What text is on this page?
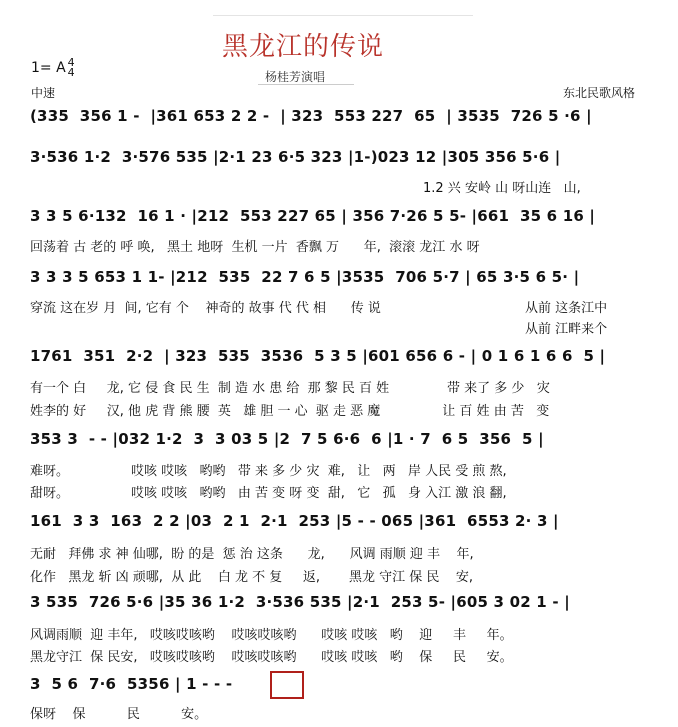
黑龙江的传说
杨桂芳演唱
1= A 4
4
中速	东北民歌风格
(335  356 1 -  |361 653 2 2 -  | 323  553 227  65  | 3535  726 5 ·6 |
3·536 1·2  3·576 535 |2·1 23 6·5 323 |1-)023 12 |305 356 5·6 |
1.2 兴 安岭 山 呀山连   山,
3 3 5 6·132  16 1 · |212  553 227 65 | 356 7·26 5 5- |661  35 6 16 |
回荡着 古 老的 呼 唤,   黑土 地呀  生机 一片  香飘 万      年,  滚滚 龙江 水 呀
3 3 3 5 653 1 1- |212  535  22 7 6 5 |3535  706 5·7 | 65 3·5 6 5· |
穿流 这在岁 月  间, 它有 个    神奇的 故事 代 代 相      传 说	从前 这条江中
从前 江畔来个
1761  351  2·2  | 323  535  3536  5 3 5 |601 656 6 - | 0 1 6 1 6 6  5 |
有一个 白     龙, 它 侵 食 民 生  制 造 水 患 给  那 黎 民 百 姓              带 来了 多 少   灾
姓李的 好     汉, 他 虎 背 熊 腰  英   雄 胆 一 心  驱 走 恶 魔               让 百 姓 由 苦   变
353 3  - - |032 1·2  3  3 03 5 |2  7 5 6·6  6 |1 · 7  6 5  356  5 |
难呀。               哎咳 哎咳   哟哟   带 来 多 少 灾  难,   让   两   岸 人民 受 煎 熬,
甜呀。               哎咳 哎咳   哟哟   由 苦 变 呀 变  甜,   它   孤   身 入江 激 浪 翻,
161  3 3  163  2 2 |03  2 1  2·1  253 |5 - - 065 |361  6553 2· 3 |
无耐   拜佛 求 神 仙哪,  盼 的是  惩 治 这条      龙,      风调 雨顺 迎 丰    年,
化作   黑龙 斩 凶 顽哪,  从 此    白 龙 不 复     返,       黑龙 守江 保 民    安,
3 535  726 5·6 |35 36 1·2  3·536 535 |2·1  253 5- |605 3 02 1 - |
风调雨顺  迎 丰年,   哎咳哎咳哟    哎咳哎咳哟      哎咳 哎咳   哟    迎     丰     年。
黑龙守江  保 民安,   哎咳哎咳哟    哎咳哎咳哟      哎咳 哎咳   哟    保     民     安。
3  5 6  7·6  5356 | 1 - - -
保呀    保          民          安。
